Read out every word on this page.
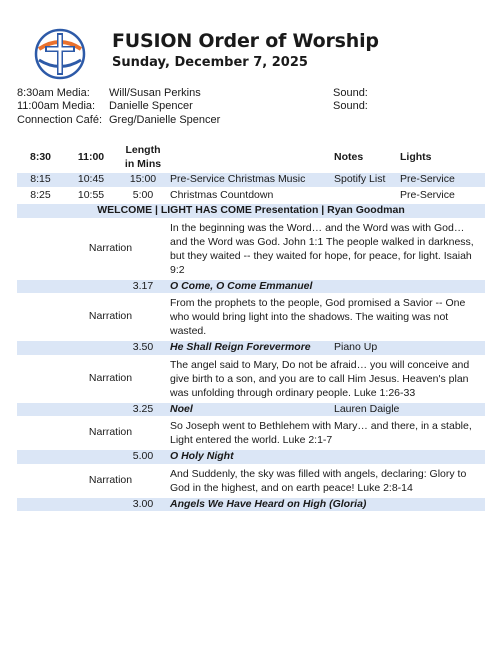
FUSION Order of Worship
Sunday, December 7, 2025
8:30am Media: Will/Susan Perkins
11:00am Media: Danielle Spencer
Connection Café: Greg/Danielle Spencer
Sound:
Sound:
8:30	11:00	Length in Mins		Notes	Lights
8:15	10:45	15:00	Pre-Service Christmas Music	Spotify List	Pre-Service
8:25	10:55	5:00	Christmas Countdown		Pre-Service
WELCOME | LIGHT HAS COME Presentation | Ryan Goodman					
Narration			In the beginning was the Word… and the Word was with God… and the Word was God. John 1:1 The people walked in darkness, but they waited -- they waited for hope, for peace, for light. Isaiah 9:2		
		3.17	O Come, O Come Emmanuel		
Narration			From the prophets to the people, God promised a Savior -- One who would bring light into the shadows. The waiting was not wasted.		
		3.50	He Shall Reign Forevermore	Piano Up	
Narration			The angel said to Mary, Do not be afraid… you will conceive and give birth to a son, and you are to call Him Jesus. Heaven's plan was unfolding through ordinary people. Luke 1:26-33		
		3.25	Noel	Lauren Daigle	
Narration			So Joseph went to Bethlehem with Mary… and there, in a stable, Light entered the world. Luke 2:1-7		
		5.00	O Holy Night		
Narration			And Suddenly, the sky was filled with angels, declaring: Glory to God in the highest, and on earth peace! Luke 2:8-14		
		3.00	Angels We Have Heard on High (Gloria)		
